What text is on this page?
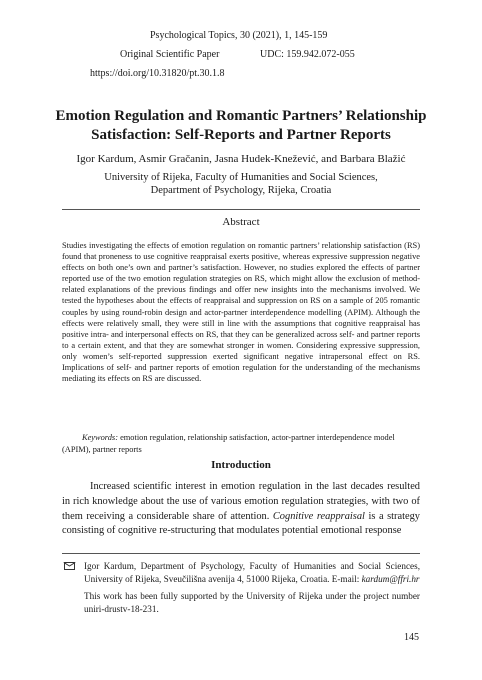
Psychological Topics, 30 (2021), 1, 145-159
Original Scientific Paper	UDC: 159.942.072-055
https://doi.org/10.31820/pt.30.1.8
Emotion Regulation and Romantic Partners’ Relationship
Satisfaction: Self-Reports and Partner Reports
Igor Kardum, Asmir Gračanin, Jasna Hudek-Knežević, and Barbara Blažić
University of Rijeka, Faculty of Humanities and Social Sciences,
Department of Psychology, Rijeka, Croatia
Abstract
Studies investigating the effects of emotion regulation on romantic partners’ relationship satisfaction (RS) found that proneness to use cognitive reappraisal exerts positive, whereas expressive suppression negative effects on both one’s own and partner’s satisfaction. However, no studies explored the effects of partner reported use of the two emotion regulation strategies on RS, which might allow the exclusion of method-related explanations of the previous findings and offer new insights into the mechanisms involved. We tested the hypotheses about the effects of reappraisal and suppression on RS on a sample of 205 romantic couples by using round-robin design and actor-partner interdependence modelling (APIM). Although the effects were relatively small, they were still in line with the assumptions that cognitive reappraisal has positive intra- and interpersonal effects on RS, that they can be generalized across self- and partner reports to a certain extent, and that they are somewhat stronger in women. Considering expressive suppression, only women’s self-reported suppression exerted significant negative intrapersonal effect on RS. Implications of self- and partner reports of emotion regulation for the understanding of the mechanisms mediating its effects on RS are discussed.
Keywords: emotion regulation, relationship satisfaction, actor-partner interdependence model (APIM), partner reports
Introduction
Increased scientific interest in emotion regulation in the last decades resulted in rich knowledge about the use of various emotion regulation strategies, with two of them receiving a considerable share of attention. Cognitive reappraisal is a strategy consisting of cognitive re-structuring that modulates potential emotional response
Igor Kardum, Department of Psychology, Faculty of Humanities and Social Sciences, University of Rijeka, Sveučilišna avenija 4, 51000 Rijeka, Croatia. E-mail: kardum@ffri.hr
This work has been fully supported by the University of Rijeka under the project number uniri-drustv-18-231.
145
